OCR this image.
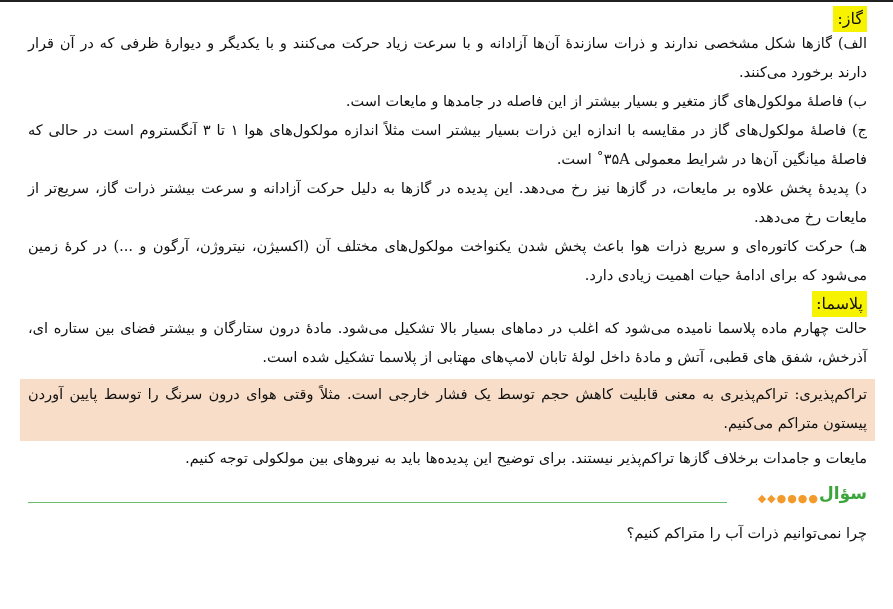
گاز:
الف) گازها شکل مشخصی ندارند و ذرات سازندهٔ آن‌ها آزادانه و با سرعت زیاد حرکت می‌کنند و با یکدیگر و دیوارهٔ ظرفی که در آن قرار دارند برخورد می‌کنند.
ب) فاصلهٔ مولکول‌های گاز متغیر و بسیار بیشتر از این فاصله در جامدها و مایعات است.
ج) فاصلهٔ مولکول‌های گاز در مقایسه با اندازه این ذرات بسیار بیشتر است مثلاً اندازه مولکول‌های هوا ۱ تا ۳ آنگستروم است در حالی که فاصلهٔ میانگین آن‌ها در شرایط معمولی ۳۵A˚ است.
د) پدیدهٔ پخش علاوه بر مایعات، در گازها نیز رخ می‌دهد. این پدیده در گازها به دلیل حرکت آزادانه و سرعت بیشتر ذرات گاز، سریع‌تر از مایعات رخ می‌دهد.
هـ) حرکت کاتوره‌ای و سریع ذرات هوا باعث پخش شدن یکنواخت مولکول‌های مختلف آن (اکسیژن، نیتروژن، آرگون و ...) در کرهٔ زمین می‌شود که برای ادامهٔ حیات اهمیت زیادی دارد.
پلاسما:
حالت چهارم ماده پلاسما نامیده می‌شود که اغلب در دماهای بسیار بالا تشکیل می‌شود. مادهٔ درون ستارگان و بیشتر فضای بین ستاره ای، آذرخش، شفق های قطبی، آتش و مادهٔ داخل لولهٔ تابان لامپ‌های مهتابی از پلاسما تشکیل شده است.
تراکم‌پذیری: تراکم‌پذیری به معنی قابلیت کاهش حجم توسط یک فشار خارجی است. مثلاً وقتی هوای درون سرنگ را توسط پایین آوردن پیستون متراکم می‌کنیم.
مایعات و جامدات برخلاف گازها تراکم‌پذیر نیستند. برای توضیح این پدیده‌ها باید به نیروهای بین مولکولی توجه کنیم.
سؤال
●●●●◆◆
چرا نمی‌توانیم ذرات آب را متراکم کنیم؟
